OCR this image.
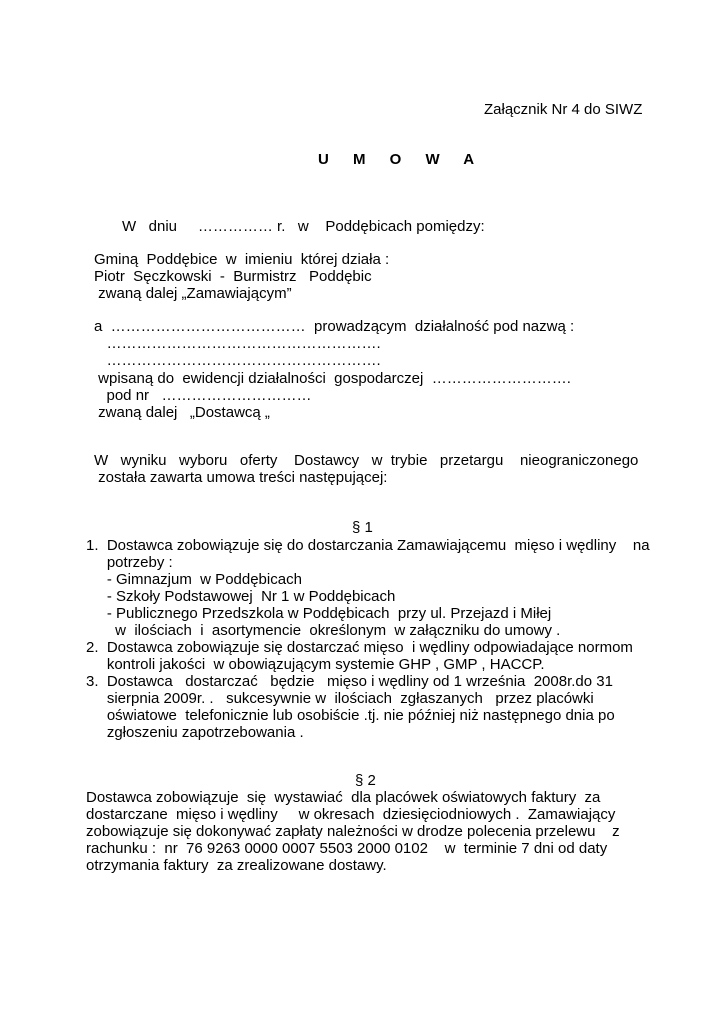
Załącznik Nr 4 do SIWZ
U M O W A
W   dniu     …………… r.   w    Poddębicach pomiędzy:
Gminą  Poddębice  w  imieniu  której działa :
Piotr  Sęczkowski  -  Burmistrz   Poddębic
zwaną dalej „Zamawiającym”
a  …………………………………  prowadzącym  działalność pod nazwą :
……………………………………………….
……………………………………………….
wpisaną do  ewidencji działalności  gospodarczej  ……………………….
pod nr   …………………………
zwaną dalej   „Dostawcą „
W   wyniku   wyboru   oferty    Dostawcy   w  trybie   przetargu    nieograniczonego
została zawarta umowa treści następującej:
§ 1
1.  Dostawca zobowiązuje się do dostarczania Zamawiającemu  mięso i wędliny    na
potrzeby :
- Gimnazjum  w Poddębicach
- Szkoły Podstawowej  Nr 1 w Poddębicach
- Publicznego Przedszkola w Poddębicach  przy ul. Przejazd i Miłej
w  ilościach  i  asortymencie  określonym  w załączniku do umowy .
2.  Dostawca zobowiązuje się dostarczać mięso  i wędliny odpowiadające normom
kontroli jakości  w obowiązującym systemie GHP , GMP , HACCP.
3.  Dostawca   dostarczać   będzie   mięso i wędliny od 1 września  2008r.do 31
sierpnia 2009r. .   sukcesywnie w  ilościach  zgłaszanych   przez placówki
oświatowe  telefonicznie lub osobiście .tj. nie później niż następnego dnia po
zgłoszeniu zapotrzebowania .
§ 2
Dostawca zobowiązuje  się  wystawiać  dla placówek oświatowych faktury  za
dostarczane  mięso i wędliny     w okresach  dziesięciodniowych .  Zamawiający
zobowiązuje się dokonywać zapłaty należności w drodze polecenia przelewu    z
rachunku :  nr  76 9263 0000 0007 5503 2000 0102    w  terminie 7 dni od daty
otrzymania faktury  za zrealizowane dostawy.
